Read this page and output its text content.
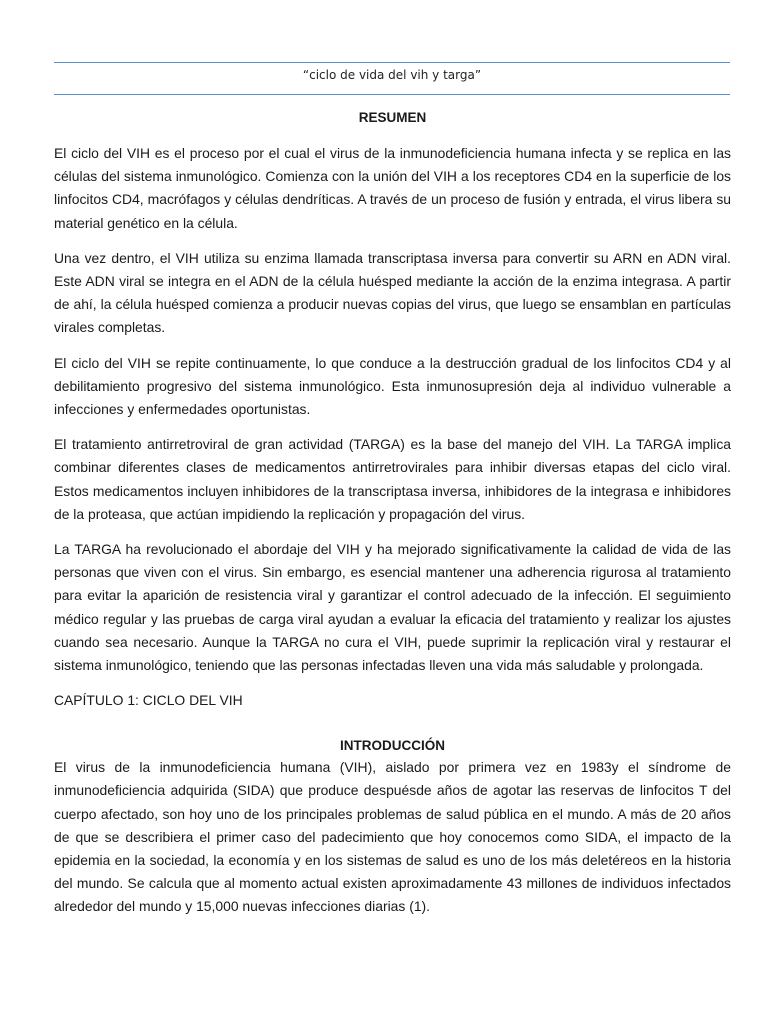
“ciclo de vida del vih y targa”
RESUMEN

El ciclo del VIH es el proceso por el cual el virus de la inmunodeficiencia humana infecta y se replica en las células del sistema inmunológico. Comienza con la unión del VIH a los receptores CD4 en la superficie de los linfocitos CD4, macrófagos y células dendríticas. A través de un proceso de fusión y entrada, el virus libera su material genético en la célula.

Una vez dentro, el VIH utiliza su enzima llamada transcriptasa inversa para convertir su ARN en ADN viral. Este ADN viral se integra en el ADN de la célula huésped mediante la acción de la enzima integrasa. A partir de ahí, la célula huésped comienza a producir nuevas copias del virus, que luego se ensamblan en partículas virales completas.

El ciclo del VIH se repite continuamente, lo que conduce a la destrucción gradual de los linfocitos CD4 y al debilitamiento progresivo del sistema inmunológico. Esta inmunosupresión deja al individuo vulnerable a infecciones y enfermedades oportunistas.

El tratamiento antirretroviral de gran actividad (TARGA) es la base del manejo del VIH. La TARGA implica combinar diferentes clases de medicamentos antirretrovirales para inhibir diversas etapas del ciclo viral. Estos medicamentos incluyen inhibidores de la transcriptasa inversa, inhibidores de la integrasa e inhibidores de la proteasa, que actúan impidiendo la replicación y propagación del virus.

La TARGA ha revolucionado el abordaje del VIH y ha mejorado significativamente la calidad de vida de las personas que viven con el virus. Sin embargo, es esencial mantener una adherencia rigurosa al tratamiento para evitar la aparición de resistencia viral y garantizar el control adecuado de la infección. El seguimiento médico regular y las pruebas de carga viral ayudan a evaluar la eficacia del tratamiento y realizar los ajustes cuando sea necesario. Aunque la TARGA no cura el VIH, puede suprimir la replicación viral y restaurar el sistema inmunológico, teniendo que las personas infectadas lleven una vida más saludable y prolongada.

CAPÍTULO 1: CICLO DEL VIH

INTRODUCCIÓN

El virus de la inmunodeficiencia humana (VIH), aislado por primera vez en 1983y el síndrome de inmunodeficiencia adquirida (SIDA) que produce despuésde años de agotar las reservas de linfocitos T del cuerpo afectado, son hoy uno de los principales problemas de salud pública en el mundo. A más de 20 años de que se describiera el primer caso del padecimiento que hoy conocemos como SIDA, el impacto de la epidemia en la sociedad, la economía y en los sistemas de salud es uno de los más deletéreos en la historia del mundo. Se calcula que al momento actual existen aproximadamente 43 millones de individuos infectados alrededor del mundo y 15,000 nuevas infecciones diarias (1).
